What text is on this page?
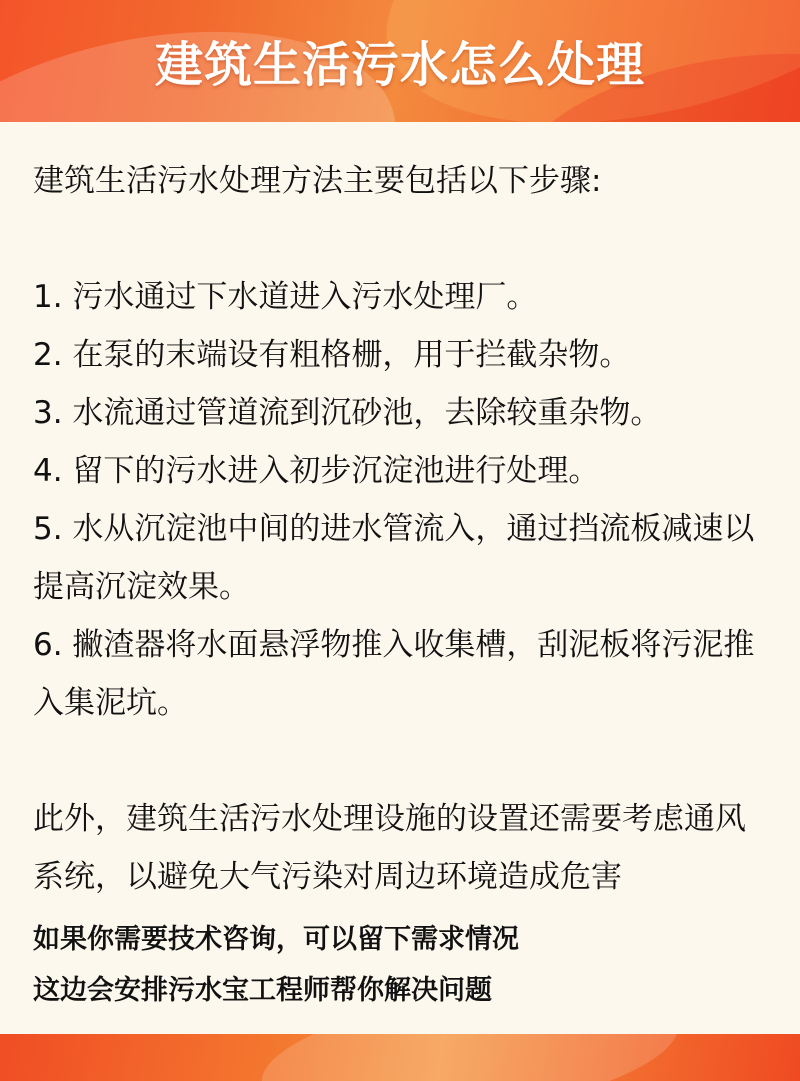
建筑生活污水怎么处理

建筑生活污水处理方法主要包括以下步骤:

1. 污水通过下水道进入污水处理厂。

2. 在泵的末端设有粗格栅，用于拦截杂物。

3. 水流通过管道流到沉砂池，去除较重杂物。

4. 留下的污水进入初步沉淀池进行处理。

5. 水从沉淀池中间的进水管流入，通过挡流板减速以提高沉淀效果。

6. 撇渣器将水面悬浮物推入收集槽，刮泥板将污泥推入集泥坑。

此外，建筑生活污水处理设施的设置还需要考虑通风系统，以避免大气污染对周边环境造成危害

如果你需要技术咨询，可以留下需求情况

这边会安排污水宝工程师帮你解决问题
